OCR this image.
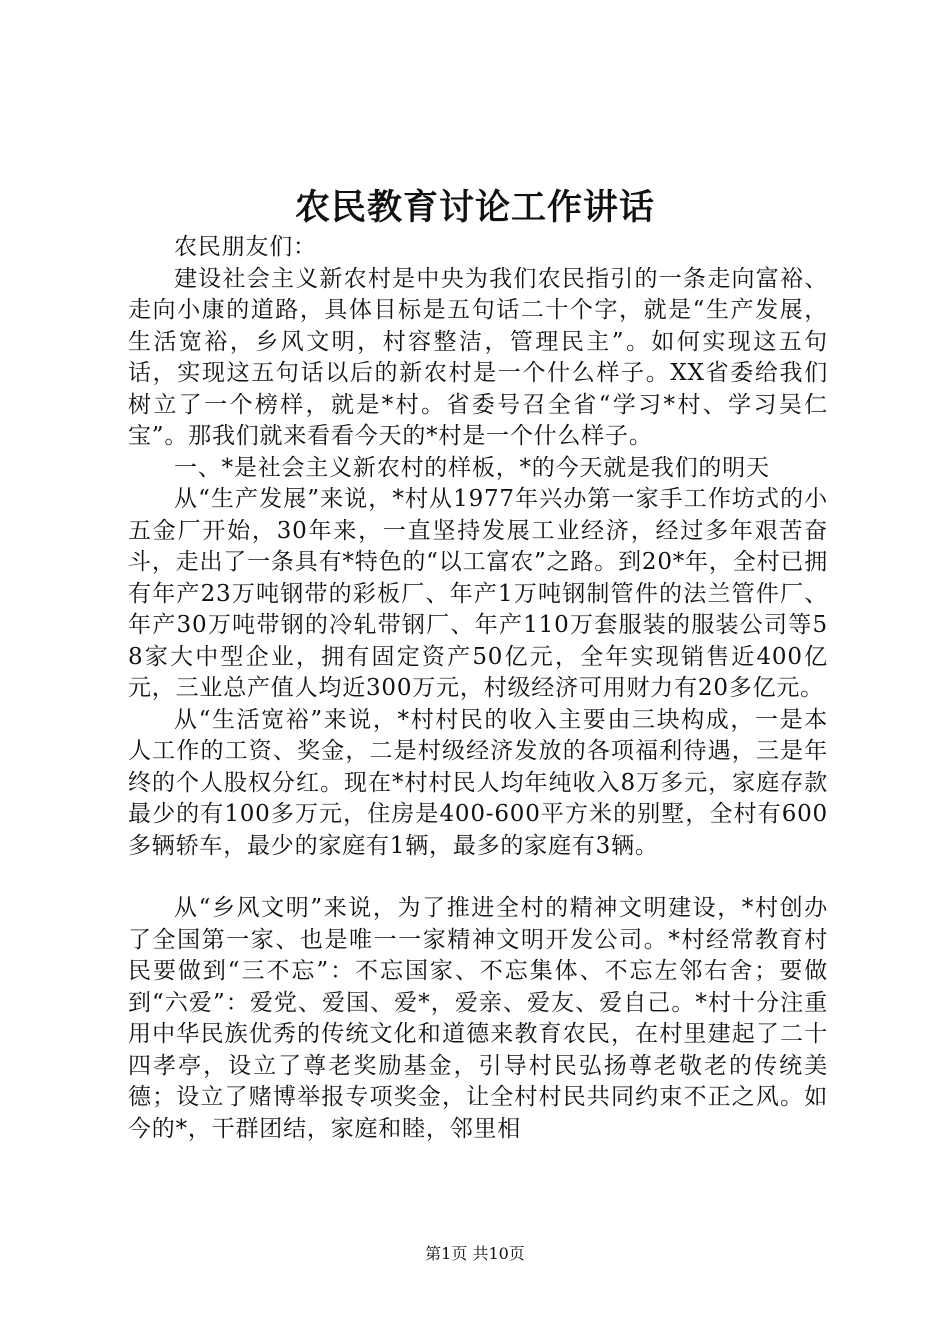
农民教育讨论工作讲话

农民朋友们：

建设社会主义新农村是中央为我们农民指引的一条走向富裕、走向小康的道路，具体目标是五句话二十个字，就是“生产发展，生活宽裕，乡风文明，村容整洁，管理民主”。如何实现这五句话，实现这五句话以后的新农村是一个什么样子。XX省委给我们树立了一个榜样，就是*村。省委号召全省“学习*村、学习吴仁宝”。那我们就来看看今天的*村是一个什么样子。

一、*是社会主义新农村的样板，*的今天就是我们的明天

从“生产发展”来说，*村从1977年兴办第一家手工作坊式的小五金厂开始，30年来，一直坚持发展工业经济，经过多年艰苦奋斗，走出了一条具有*特色的“以工富农”之路。到20*年，全村已拥有年产23万吨钢带的彩板厂、年产1万吨钢制管件的法兰管件厂、年产30万吨带钢的冷轧带钢厂、年产110万套服装的服装公司等58家大中型企业，拥有固定资产50亿元，全年实现销售近400亿元，三业总产值人均近300万元，村级经济可用财力有20多亿元。

从“生活宽裕”来说，*村村民的收入主要由三块构成，一是本人工作的工资、奖金，二是村级经济发放的各项福利待遇，三是年终的个人股权分红。现在*村村民人均年纯收入8万多元，家庭存款最少的有100多万元，住房是400-600平方米的别墅，全村有600多辆轿车，最少的家庭有1辆，最多的家庭有3辆。

从“乡风文明”来说，为了推进全村的精神文明建设，*村创办了全国第一家、也是唯一一家精神文明开发公司。*村经常教育村民要做到“三不忘”：不忘国家、不忘集体、不忘左邻右舍；要做到“六爱”：爱党、爱国、爱*，爱亲、爱友、爱自己。*村十分注重用中华民族优秀的传统文化和道德来教育农民，在村里建起了二十四孝亭，设立了尊老奖励基金，引导村民弘扬尊老敬老的传统美德；设立了赌博举报专项奖金，让全村村民共同约束不正之风。如今的*，干群团结，家庭和睦，邻里相

第1页 共10页
